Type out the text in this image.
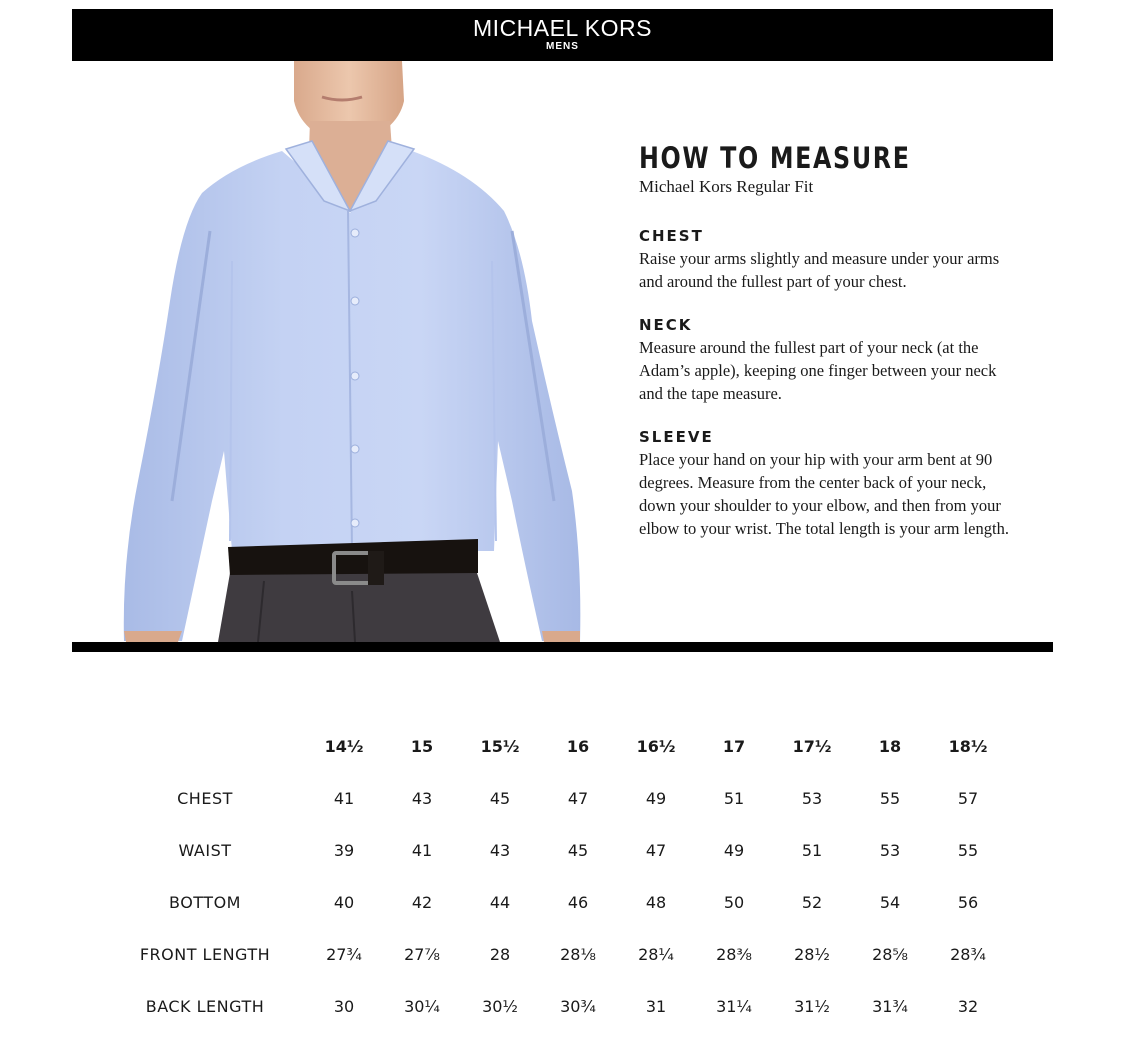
MICHAEL KORS
MENS
HOW TO MEASURE
Michael Kors Regular Fit
CHEST
Raise your arms slightly and measure under your arms and around the fullest part of your chest.
NECK
Measure around the fullest part of your neck (at the Adam’s apple), keeping one finger between your neck and the tape measure.
SLEEVE
Place your hand on your hip with your arm bent at 90 degrees. Measure from the center back of your neck, down your shoulder to your elbow, and then from your elbow to your wrist. The total length is your arm length.
	14½	15	15½	16	16½	17	17½	18	18½
CHEST	41	43	45	47	49	51	53	55	57
WAIST	39	41	43	45	47	49	51	53	55
BOTTOM	40	42	44	46	48	50	52	54	56
FRONT LENGTH	27¾	27⅞	28	28⅛	28¼	28⅜	28½	28⅝	28¾
BACK LENGTH	30	30¼	30½	30¾	31	31¼	31½	31¾	32
